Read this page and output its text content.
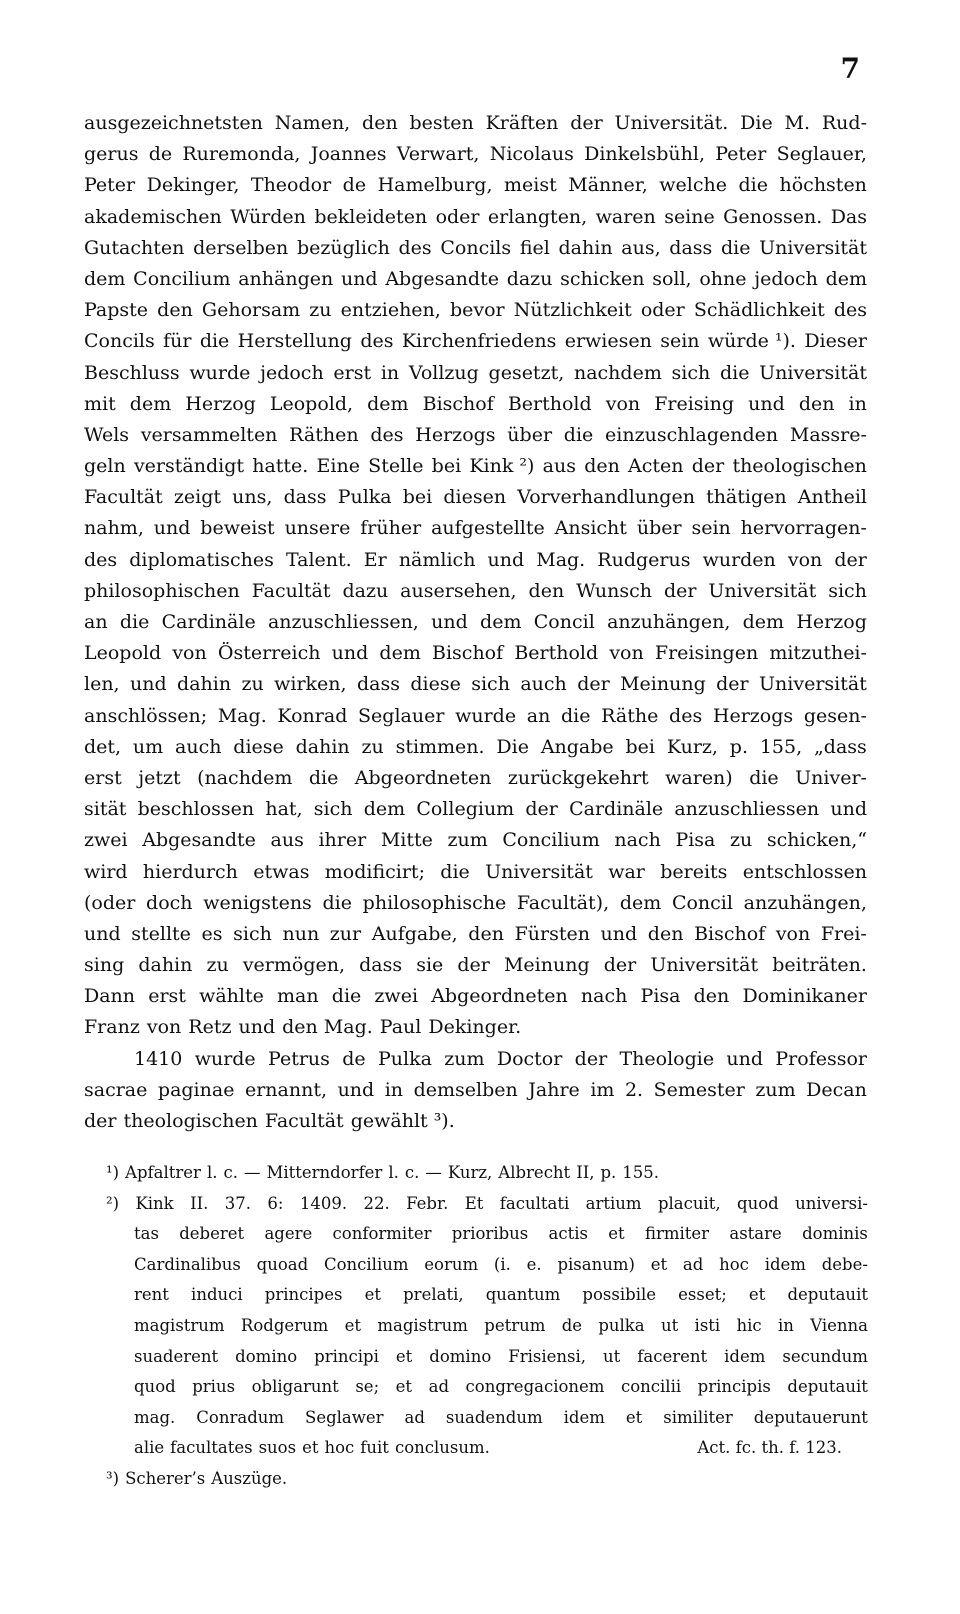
7
ausgezeichnetsten Namen, den besten Kräften der Universität. Die M. Rud-
gerus de Ruremonda, Joannes Verwart, Nicolaus Dinkelsbühl, Peter Seglauer,
Peter Dekinger, Theodor de Hamelburg, meist Männer, welche die höchsten
akademischen Würden bekleideten oder erlangten, waren seine Genossen. Das
Gutachten derselben bezüglich des Concils fiel dahin aus, dass die Universität
dem Concilium anhängen und Abgesandte dazu schicken soll, ohne jedoch dem
Papste den Gehorsam zu entziehen, bevor Nützlichkeit oder Schädlichkeit des
Concils für die Herstellung des Kirchenfriedens erwiesen sein würde ¹). Dieser
Beschluss wurde jedoch erst in Vollzug gesetzt, nachdem sich die Universität
mit dem Herzog Leopold, dem Bischof Berthold von Freising und den in
Wels versammelten Räthen des Herzogs über die einzuschlagenden Massre-
geln verständigt hatte. Eine Stelle bei Kink ²) aus den Acten der theologischen
Facultät zeigt uns, dass Pulka bei diesen Vorverhandlungen thätigen Antheil
nahm, und beweist unsere früher aufgestellte Ansicht über sein hervorragen-
des diplomatisches Talent. Er nämlich und Mag. Rudgerus wurden von der
philosophischen Facultät dazu ausersehen, den Wunsch der Universität sich
an die Cardinäle anzuschliessen, und dem Concil anzuhängen, dem Herzog
Leopold von Österreich und dem Bischof Berthold von Freisingen mitzuthei-
len, und dahin zu wirken, dass diese sich auch der Meinung der Universität
anschlössen; Mag. Konrad Seglauer wurde an die Räthe des Herzogs gesen-
det, um auch diese dahin zu stimmen. Die Angabe bei Kurz, p. 155, „dass
erst jetzt (nachdem die Abgeordneten zurückgekehrt waren) die Univer-
sität beschlossen hat, sich dem Collegium der Cardinäle anzuschliessen und
zwei Abgesandte aus ihrer Mitte zum Concilium nach Pisa zu schicken,“
wird hierdurch etwas modificirt; die Universität war bereits entschlossen
(oder doch wenigstens die philosophische Facultät), dem Concil anzuhängen,
und stellte es sich nun zur Aufgabe, den Fürsten und den Bischof von Frei-
sing dahin zu vermögen, dass sie der Meinung der Universität beiträten.
Dann erst wählte man die zwei Abgeordneten nach Pisa den Dominikaner
Franz von Retz und den Mag. Paul Dekinger.
1410 wurde Petrus de Pulka zum Doctor der Theologie und Professor
sacrae paginae ernannt, und in demselben Jahre im 2. Semester zum Decan
der theologischen Facultät gewählt ³).
¹) Apfaltrer l. c. — Mitterndorfer l. c. — Kurz, Albrecht II, p. 155.
²) Kink II. 37. 6: 1409. 22. Febr. Et facultati artium placuit, quod universi-
tas deberet agere conformiter prioribus actis et firmiter astare dominis
Cardinalibus quoad Concilium eorum (i. e. pisanum) et ad hoc idem debe-
rent induci principes et prelati, quantum possibile esset; et deputauit
magistrum Rodgerum et magistrum petrum de pulka ut isti hic in Vienna
suaderent domino principi et domino Frisiensi, ut facerent idem secundum
quod prius obligarunt se; et ad congregacionem concilii principis deputauit
mag. Conradum Seglawer ad suadendum idem et similiter deputauerunt
alie facultates suos et hoc fuit conclusum.	Act. fc. th. f. 123.
³) Scherer’s Auszüge.
